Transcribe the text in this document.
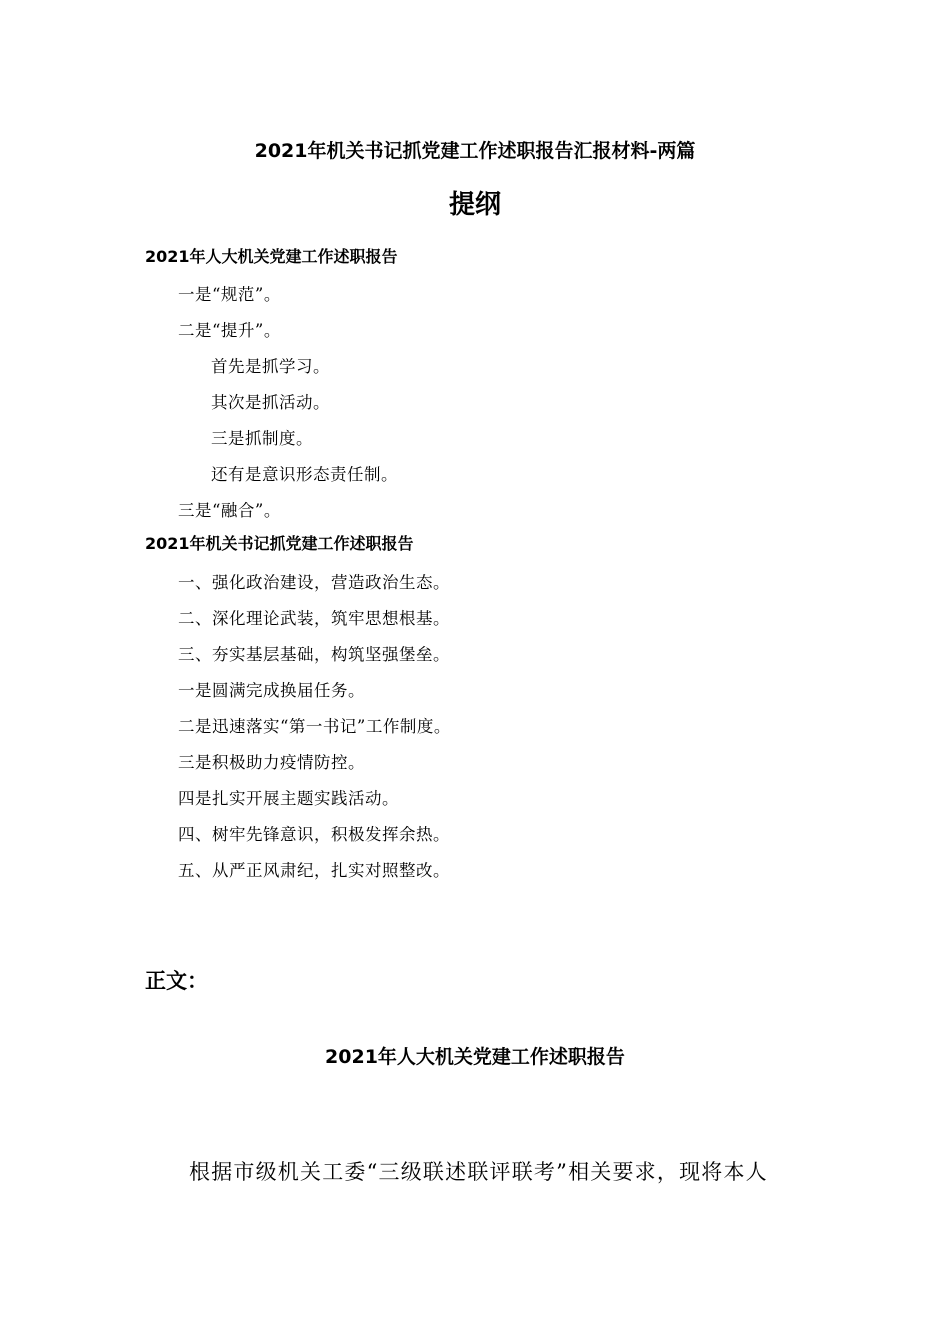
2021年机关书记抓党建工作述职报告汇报材料-两篇
提纲
2021年人大机关党建工作述职报告
一是“规范”。
二是“提升”。
首先是抓学习。
其次是抓活动。
三是抓制度。
还有是意识形态责任制。
三是“融合”。
2021年机关书记抓党建工作述职报告
一、强化政治建设，营造政治生态。
二、深化理论武装，筑牢思想根基。
三、夯实基层基础，构筑坚强堡垒。
一是圆满完成换届任务。
二是迅速落实“第一书记”工作制度。
三是积极助力疫情防控。
四是扎实开展主题实践活动。
四、树牢先锋意识，积极发挥余热。
五、从严正风肃纪，扎实对照整改。
正文：
2021年人大机关党建工作述职报告
根据市级机关工委“三级联述联评联考”相关要求，现将本人
